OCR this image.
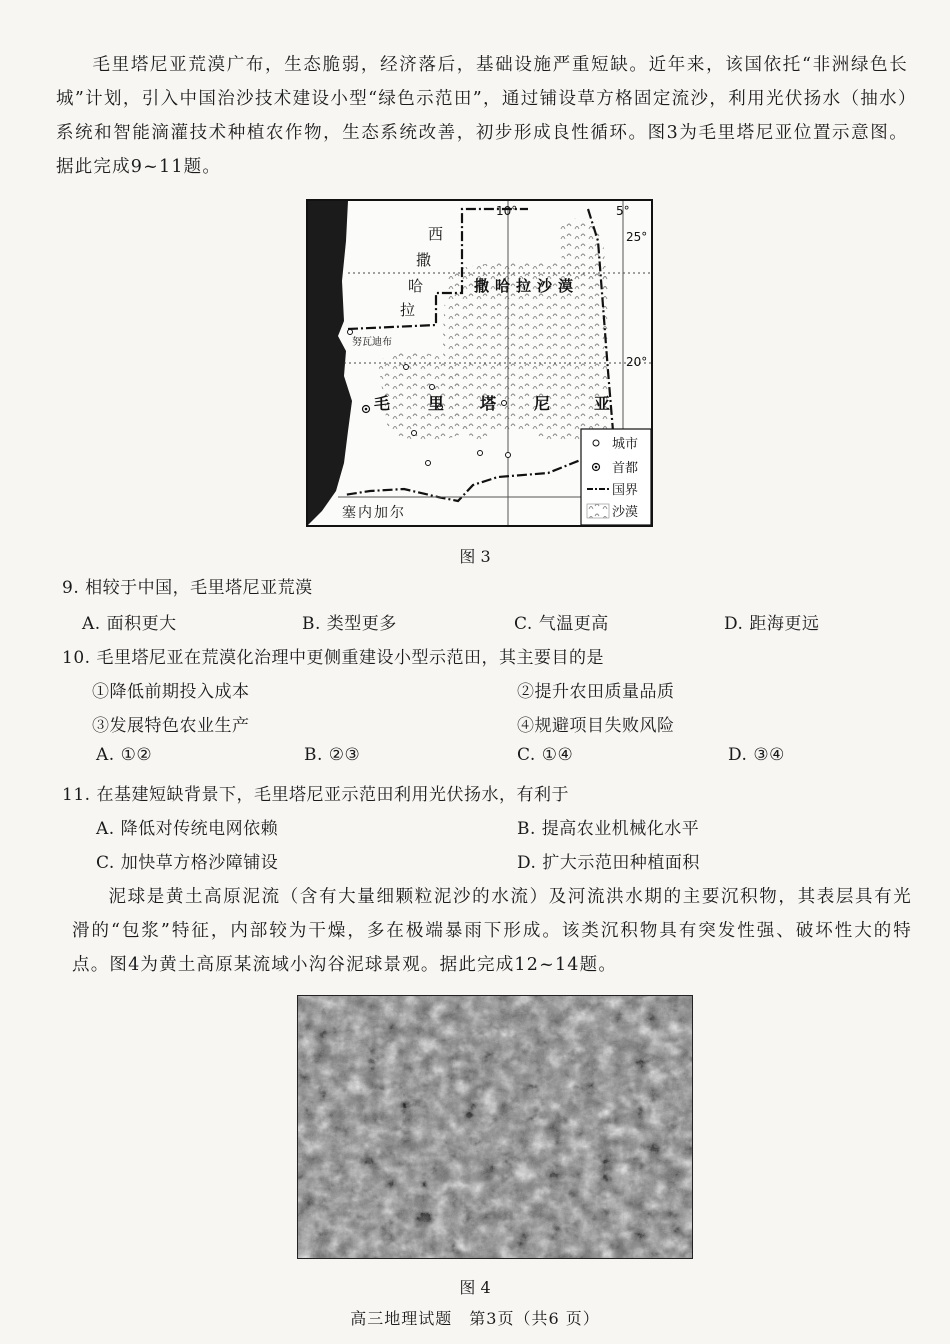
毛里塔尼亚荒漠广布，生态脆弱，经济落后，基础设施严重短缺。近年来，该国依托“非洲绿色长城”计划，引入中国治沙技术建设小型“绿色示范田”，通过铺设草方格固定流沙，利用光伏扬水（抽水）系统和智能滴灌技术种植农作物，生态系统改善，初步形成良性循环。图3为毛里塔尼亚位置示意图。据此完成9~11题。

10°	5°
25°
20°
西
撒
哈
拉
撒哈拉沙漠
努瓦迪布
毛 里 塔 尼	亚
塞内加尔
城市
首都
国界
沙漠
图 3
9. 相较于中国，毛里塔尼亚荒漠
A. 面积更大	B. 类型更多	C. 气温更高	D. 距海更远
10. 毛里塔尼亚在荒漠化治理中更侧重建设小型示范田，其主要目的是
①降低前期投入成本	②提升农田质量品质
③发展特色农业生产	④规避项目失败风险
A. ①②	B. ②③	C. ①④	D. ③④
11. 在基建短缺背景下，毛里塔尼亚示范田利用光伏扬水，有利于
A. 降低对传统电网依赖	B. 提高农业机械化水平
C. 加快草方格沙障铺设	D. 扩大示范田种植面积

泥球是黄土高原泥流（含有大量细颗粒泥沙的水流）及河流洪水期的主要沉积物，其表层具有光滑的“包浆”特征，内部较为干燥，多在极端暴雨下形成。该类沉积物具有突发性强、破坏性大的特点。图4为黄土高原某流域小沟谷泥球景观。据此完成12~14题。

图 4
高三地理试题　第3页（共6 页）
